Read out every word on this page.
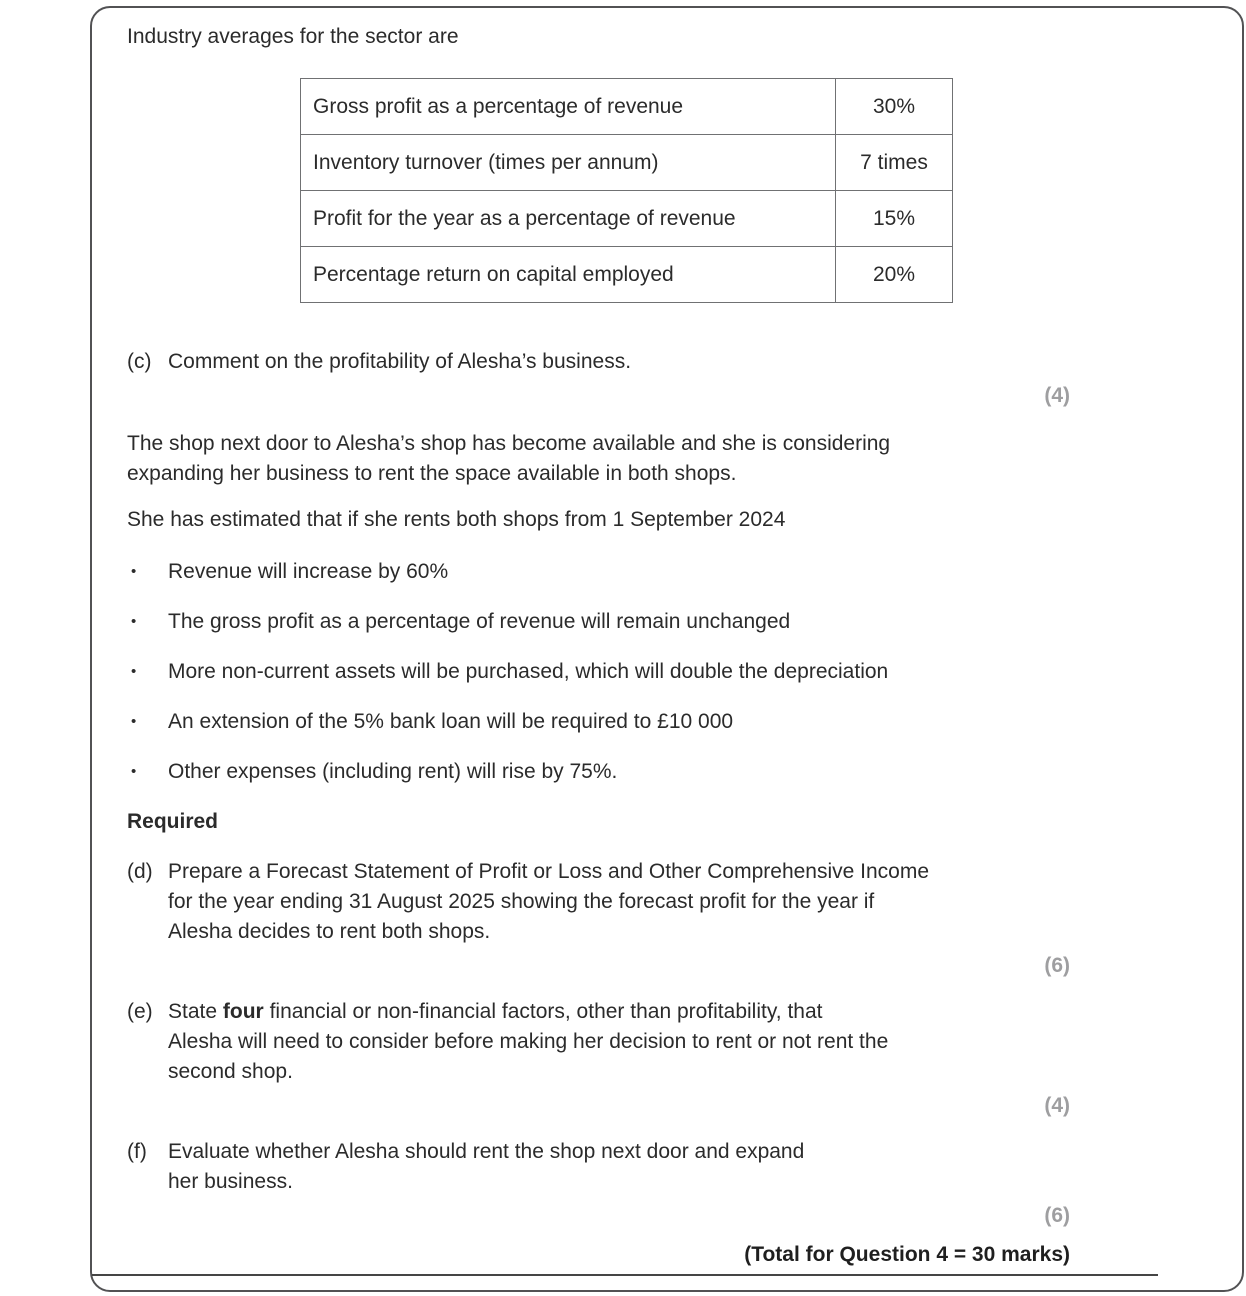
Industry averages for the sector are

Gross profit as a percentage of revenue	30%
Inventory turnover (times per annum)	7 times
Profit for the year as a percentage of revenue	15%
Percentage return on capital employed	20%
(c) Comment on the profitability of Alesha’s business.
(4)
The shop next door to Alesha’s shop has become available and she is considering
expanding her business to rent the space available in both shops.
She has estimated that if she rents both shops from 1 September 2024
•	Revenue will increase by 60%
•	The gross profit as a percentage of revenue will remain unchanged
•	More non-current assets will be purchased, which will double the depreciation
•	An extension of the 5% bank loan will be required to £10 000
•	Other expenses (including rent) will rise by 75%.

Required

(d) Prepare a Forecast Statement of Profit or Loss and Other Comprehensive Income
for the year ending 31 August 2025 showing the forecast profit for the year if
Alesha decides to rent both shops.
(6)
(e) State four financial or non-financial factors, other than profitability, that
Alesha will need to consider before making her decision to rent or not rent the
second shop.
(4)
(f)	Evaluate whether Alesha should rent the shop next door and expand
her business.
(6)
(Total for Question 4 = 30 marks)
